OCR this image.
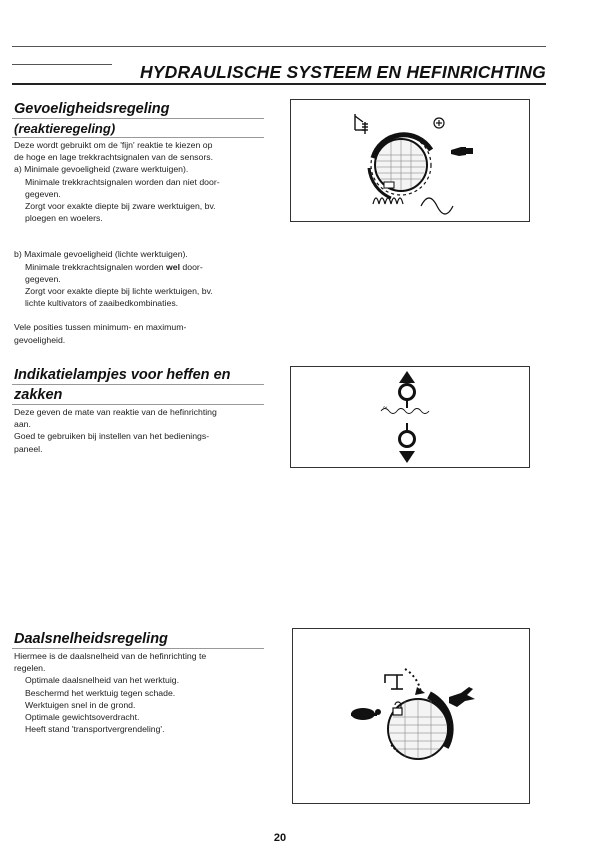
HYDRAULISCHE SYSTEEM EN HEFINRICHTING
Gevoeligheidsregeling
(reaktieregeling)

Deze wordt gebruikt om de 'fijn' reaktie te kiezen op

de hoge en lage trekkrachtsignalen van de sensors.

a) Minimale gevoeligheid (zware werktuigen).

Minimale trekkrachtsignalen worden dan niet door-

gegeven.

Zorgt voor exakte diepte bij zware werktuigen, bv.

ploegen en woelers.

b) Maximale gevoeligheid (lichte werktuigen).

Minimale trekkrachtsignalen worden wel door-

gegeven.

Zorgt voor exakte diepte bij lichte werktuigen, bv.

lichte kultivators of zaaibedkombinaties.

Vele posities tussen minimum- en maximum-

gevoeligheid.

Indikatielampjes voor heffen en
zakken

Deze geven de mate van reaktie van de hefinrichting

aan.

Goed te gebruiken bij instellen van het bedienings-

paneel.

~
Daalsnelheidsregeling

Hiermee is de daalsnelheid van de hefinrichting te

regelen.

Optimale daalsnelheid van het werktuig.

Beschermd het werktuig tegen schade.

Werktuigen snel in de grond.

Optimale gewichtsoverdracht.

Heeft stand 'transportvergrendeling'.

20
